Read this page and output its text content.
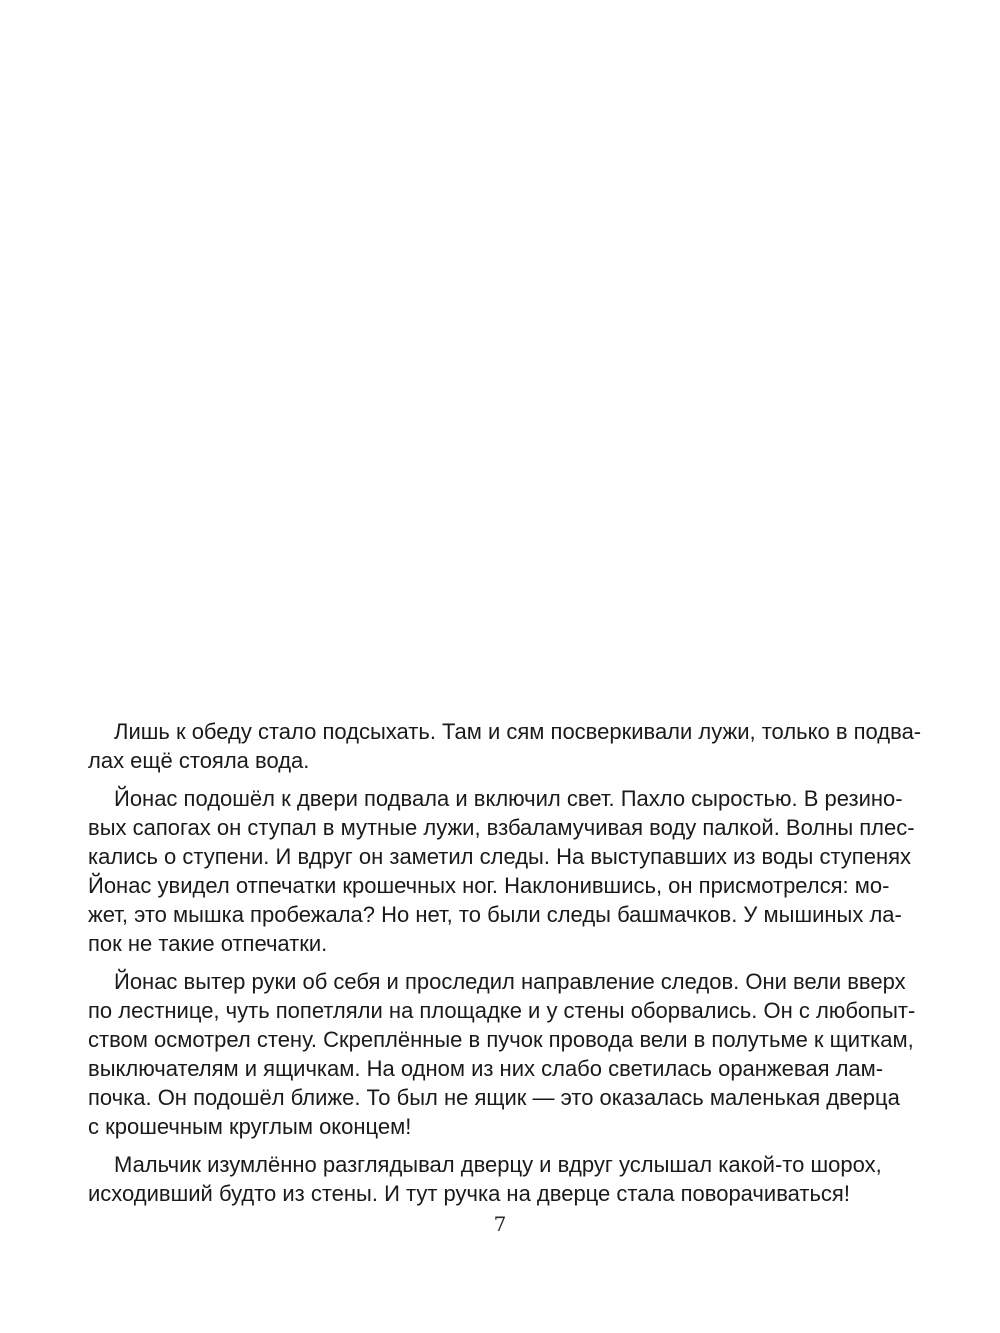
Лишь к обеду стало подсыхать. Там и сям посверкивали лужи, только в подва-
лах ещё стояла вода.
Йонас подошёл к двери подвала и включил свет. Пахло сыростью. В резино-
вых сапогах он ступал в мутные лужи, взбаламучивая воду палкой. Волны плес-
кались о ступени. И вдруг он заметил следы. На выступавших из воды ступенях
Йонас увидел отпечатки крошечных ног. Наклонившись, он присмотрелся: мо-
жет, это мышка пробежала? Но нет, то были следы башмачков. У мышиных ла-
пок не такие отпечатки.
Йонас вытер руки об себя и проследил направление следов. Они вели вверх
по лестнице, чуть попетляли на площадке и у стены оборвались. Он с любопыт-
ством осмотрел стену. Скреплённые в пучок провода вели в полутьме к щиткам,
выключателям и ящичкам. На одном из них слабо светилась оранжевая лам-
почка. Он подошёл ближе. То был не ящик — это оказалась маленькая дверца
с крошечным круглым оконцем!
Мальчик изумлённо разглядывал дверцу и вдруг услышал какой-то шорох,
исходивший будто из стены. И тут ручка на дверце стала поворачиваться!
7
